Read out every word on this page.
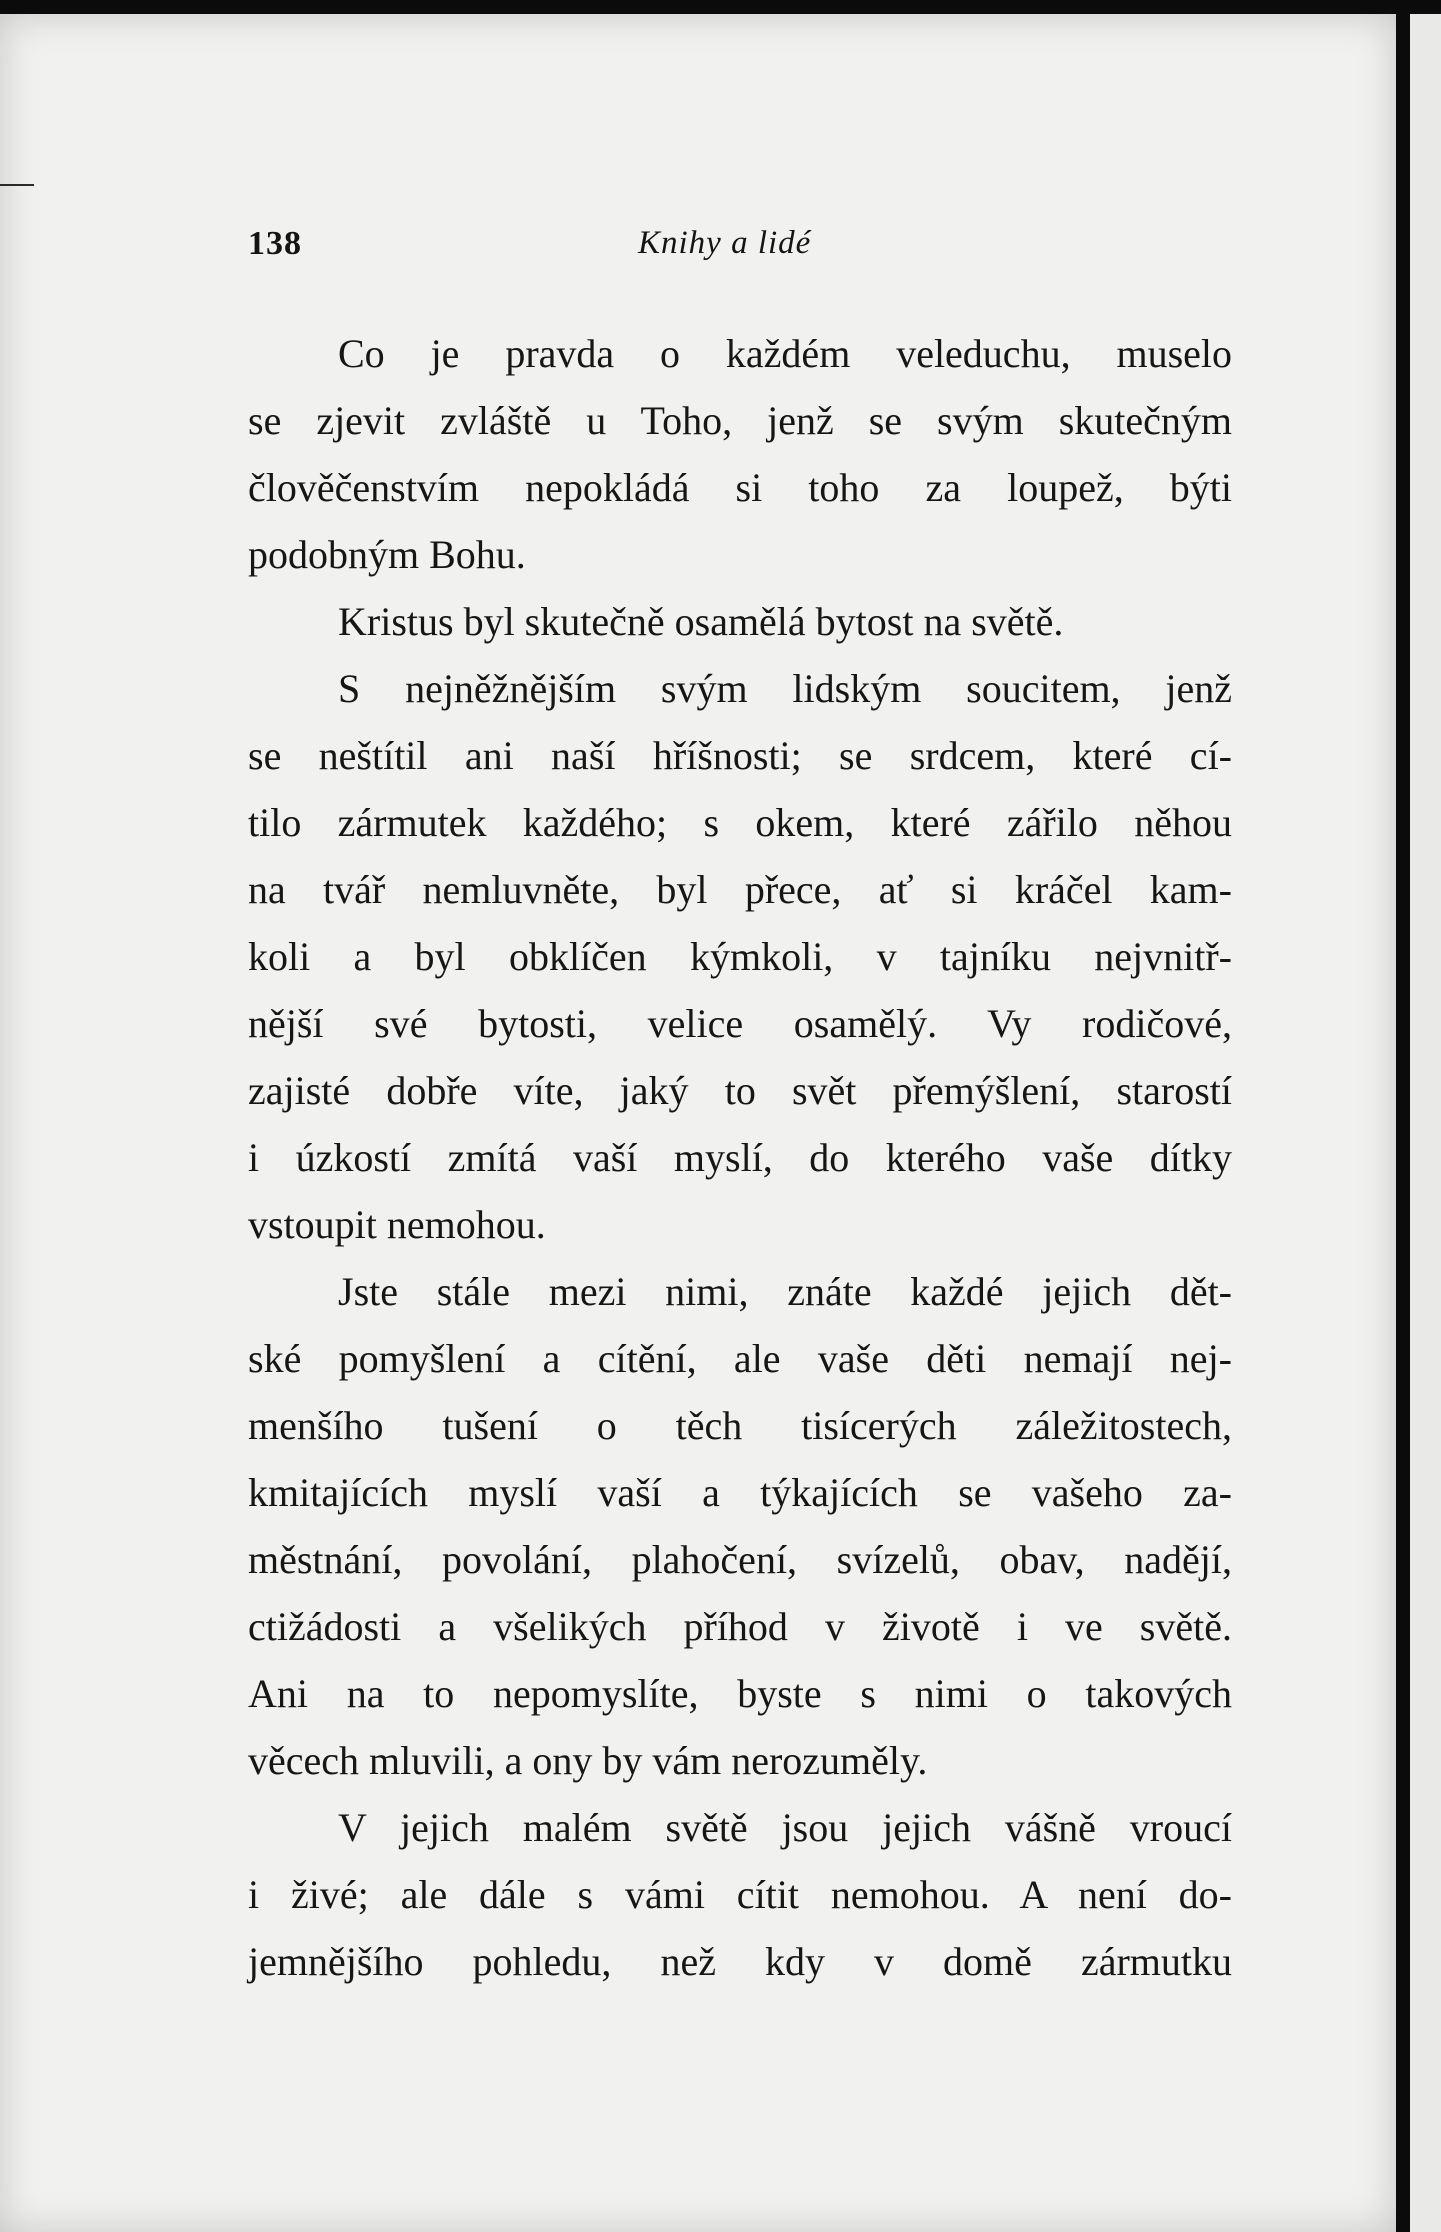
138	Knihy a lidé

Co je pravda o každém veleduchu, muselo

se zjevit zvláště u Toho, jenž se svým skutečným

člověčenstvím nepokládá si toho za loupež, býti

podobným Bohu.

Kristus byl skutečně osamělá bytost na světě.

S nejněžnějším svým lidským soucitem, jenž

se neštítil ani naší hříšnosti; se srdcem, které cí-

tilo zármutek každého; s okem, které zářilo něhou

na tvář nemluvněte, byl přece, ať si kráčel kam-

koli a byl obklíčen kýmkoli, v tajníku nejvnitř-

nější své bytosti, velice osamělý. Vy rodičové,

zajisté dobře víte, jaký to svět přemýšlení, starostí

i úzkostí zmítá vaší myslí, do kterého vaše dítky

vstoupit nemohou.

Jste stále mezi nimi, znáte každé jejich dět-

ské pomyšlení a cítění, ale vaše děti nemají nej-

menšího tušení o těch tisícerých záležitostech,

kmitajících myslí vaší a týkajících se vašeho za-

městnání, povolání, plahočení, svízelů, obav, nadějí,

ctižádosti a všelikých příhod v životě i ve světě.

Ani na to nepomyslíte, byste s nimi o takových

věcech mluvili, a ony by vám nerozuměly.

V jejich malém světě jsou jejich vášně vroucí

i živé; ale dále s vámi cítit nemohou. A není do-

jemnějšího pohledu, než kdy v domě zármutku
